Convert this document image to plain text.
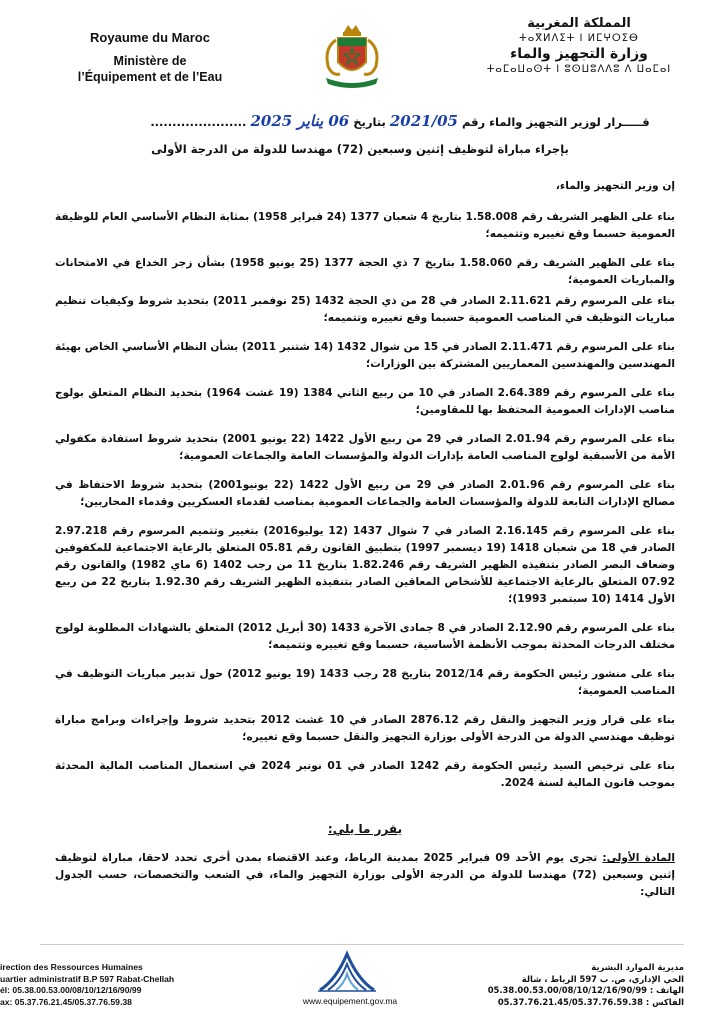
Royaume du Maroc
Ministère de
l’Équipement et de l’Eau
المملكة المغربية
ⵜⴰⴳⵍⴷⵉⵜ ⵏ ⵍⵎⵖⵔⵉⴱ
وزارة التجهيز والماء
ⵜⴰⵎⴰⵡⴰⵙⵜ ⵏ ⵓⵙⵡⵓⴷⴷⵓ ⴷ ⵡⴰⵎⴰⵏ
قـــــرار لوزير التجهيز والماء رقم 2021/05 بتاريخ 06 يناير 2025 ......................
بإجراء مباراة لتوظيف إثنين وسبعين (72) مهندسا للدولة من الدرجة الأولى

إن وزير التجهيز والماء،

بناء على الظهير الشريف رقم 1.58.008 بتاريخ 4 شعبان 1377 (24 فبراير 1958) بمثابة النظام الأساسي العام للوظيفة العمومية حسبما وقع تغييره وتتميمه؛

بناء على الظهير الشريف رقم 1.58.060 بتاريخ 7 ذي الحجة 1377 (25 يونيو 1958) بشأن زجر الخداع في الامتحانات والمباريات العمومية؛

بناء على المرسوم رقم 2.11.621 الصادر في 28 من ذي الحجة 1432 (25 نوفمبر 2011) بتحديد شروط وكيفيات تنظيم مباريات التوظيف في المناصب العمومية حسبما وقع تغييره وتتميمه؛

بناء على المرسوم رقم 2.11.471 الصادر في 15 من شوال 1432 (14 شتنبر 2011) بشأن النظام الأساسي الخاص بهيئة المهندسين والمهندسين المعماريين المشتركة بين الوزارات؛

بناء على المرسوم رقم 2.64.389 الصادر في 10 من ربيع الثاني 1384 (19 غشت 1964) بتحديد النظام المتعلق بولوج مناصب الإدارات العمومية المحتفظ بها للمقاومين؛

بناء على المرسوم رقم 2.01.94 الصادر في 29 من ربيع الأول 1422 (22 يونيو 2001) بتحديد شروط استفادة مكفولي الأمة من الأسبقية لولوج المناصب العامة بإدارات الدولة والمؤسسات العامة والجماعات العمومية؛

بناء على المرسوم رقم 2.01.96 الصادر في 29 من ربيع الأول 1422 (22 يونيو2001) بتحديد شروط الاحتفاظ في مصالح الإدارات التابعة للدولة والمؤسسات العامة والجماعات العمومية بمناصب لقدماء العسكريين وقدماء المحاربين؛

بناء على المرسوم رقم 2.16.145 الصادر في 7 شوال 1437 (12 يوليو2016) بتغيير وتتميم المرسوم رقم 2.97.218 الصادر في 18 من شعبان 1418 (19 ديسمبر 1997) بتطبيق القانون رقم 05.81 المتعلق بالرعاية الاجتماعية للمكفوفين وضعاف البصر الصادر بتنفيذه الظهير الشريف رقم 1.82.246 بتاريخ 11 من رجب 1402 (6 ماي 1982) والقانون رقم 07.92 المتعلق بالرعاية الاجتماعية للأشخاص المعاقين الصادر بتنفيذه الظهير الشريف رقم 1.92.30 بتاريخ 22 من ربيع الأول 1414 (10 سبتمبر 1993)؛

بناء على المرسوم رقم 2.12.90 الصادر في 8 جمادى الآخرة 1433 (30 أبريل 2012) المتعلق بالشهادات المطلوبة لولوج مختلف الدرجات المحدثة بموجب الأنظمة الأساسية، حسبما وقع تغييره وتتميمه؛

بناء على منشور رئيس الحكومة رقم 2012/14 بتاريخ 28 رجب 1433 (19 يونيو 2012) حول تدبير مباريات التوظيف في المناصب العمومية؛

بناء على قرار وزير التجهيز والنقل رقم 2876.12 الصادر في 10 غشت 2012 بتحديد شروط وإجراءات وبرامج مباراة توظيف مهندسي الدولة من الدرجة الأولى بوزارة التجهيز والنقل حسبما وقع تغييره؛

بناء على ترخيص السيد رئيس الحكومة رقم 1242 الصادر في 01 نونبر 2024 في استعمال المناصب المالية المحدثة بموجب قانون المالية لسنة 2024.

يقرر ما يلي:

المادة الأولى: تجرى يوم الأحد 09 فبراير 2025 بمدينة الرباط، وعند الاقتضاء بمدن أخرى تحدد لاحقا، مباراة لتوظيف إثنين وسبعين (72) مهندسا للدولة من الدرجة الأولى بوزارة التجهيز والماء، في الشعب والتخصصات، حسب الجدول التالي:

irection des Ressources Humaines
uartier administratif B.P 597 Rabat-Chellah
él: 05.38.00.53.00/08/10/12/16/90/99
ax: 05.37.76.21.45/05.37.76.59.38	www.equipement.gov.ma
مديرية الموارد البشرية
الحي الإداري، ص. ب 597 الرباط ، شالة
الهاتف : 05.38.00.53.00/08/10/12/16/90/99
الفاكس : 05.37.76.21.45/05.37.76.59.38
